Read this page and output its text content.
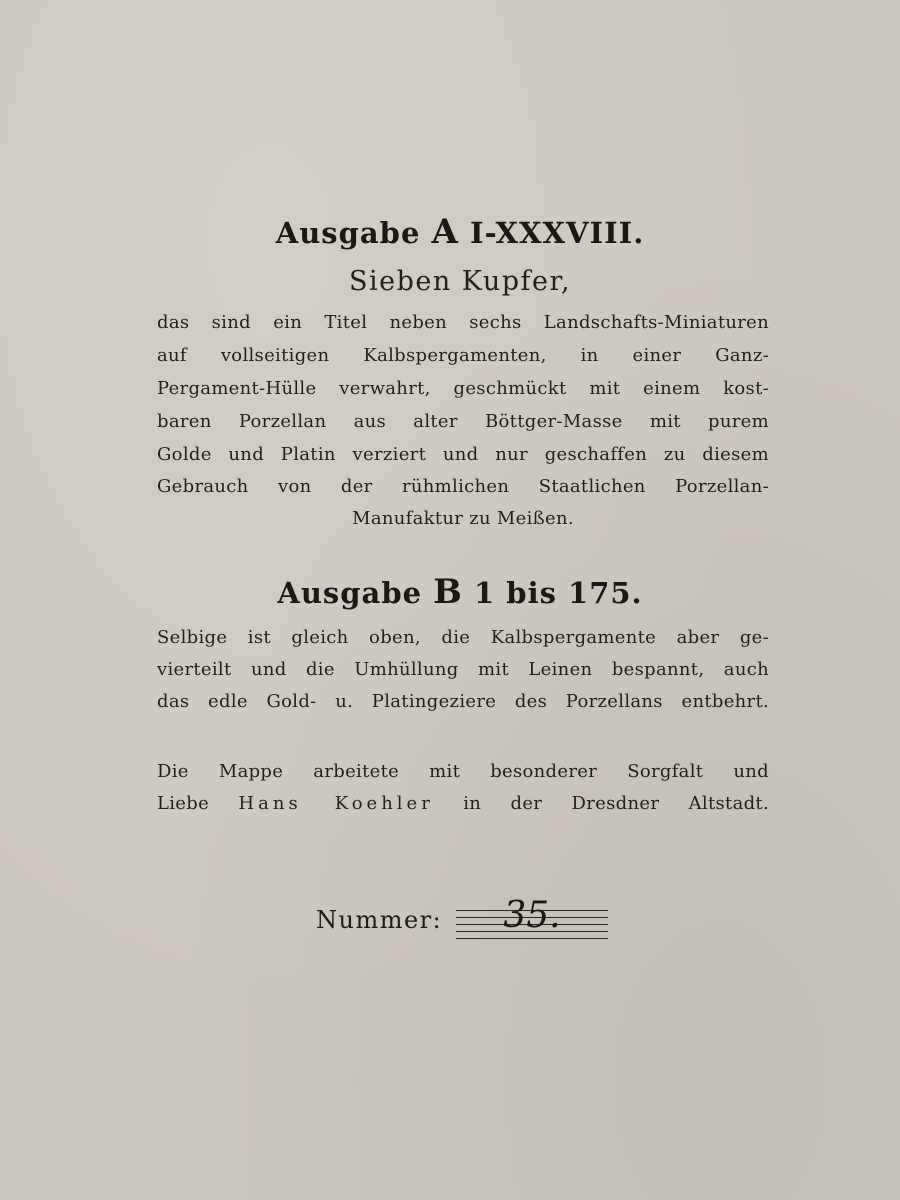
Ausgabe A I-XXXVIII.
Sieben Kupfer,
das sind ein Titel neben sechs Landschafts-Miniaturen
auf vollseitigen Kalbspergamenten, in einer Ganz-
Pergament-Hülle verwahrt, geschmückt mit einem kost-
baren Porzellan aus alter Böttger-Masse mit purem
Golde und Platin verziert und nur geschaffen zu diesem
Gebrauch von der rühmlichen Staatlichen Porzellan-
Manufaktur zu Meißen.
Ausgabe B 1 bis 175.
Selbige ist gleich oben, die Kalbspergamente aber ge-
vierteilt und die Umhüllung mit Leinen bespannt, auch
das edle Gold- u. Platingeziere des Porzellans entbehrt.
Die Mappe arbeitete mit besonderer Sorgfalt und
Liebe Hans Koehler in der Dresdner Altstadt.
Nummer:	35.
